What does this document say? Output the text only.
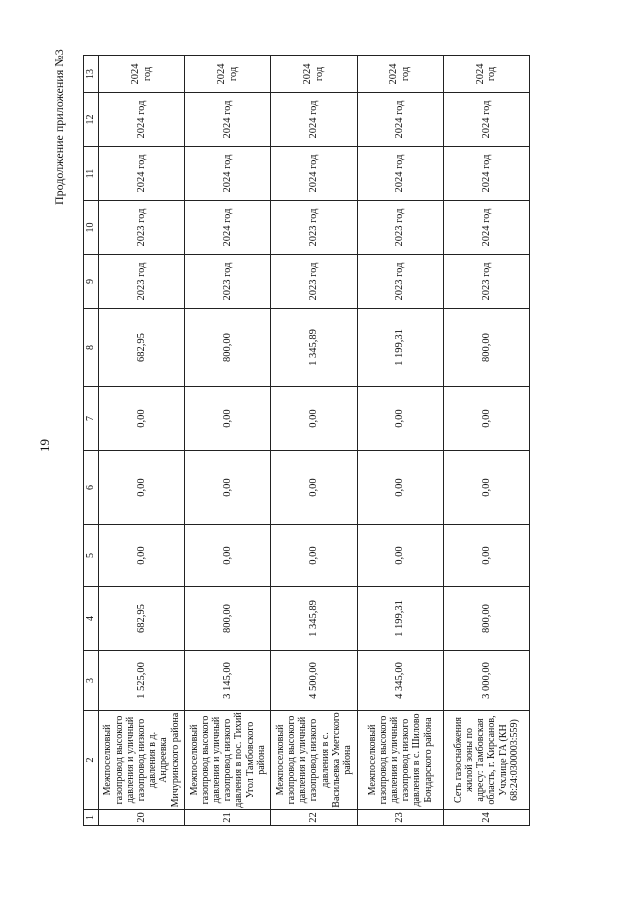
19
Продолжение приложения №3
1	2	3	4	5	6	7	8	9	10	11	12	13
20	Межпоселковый газопровод высокого давления и уличный газопровод низкого давления в д. Андреевка Мичуринского района	1 525,00	682,95	0,00	0,00	0,00	682,95	2023 год	2023 год	2024 год	2024 год	2024 год
21	Межпоселковый газопровод высокого давления и уличный газопровод низкого давления в пос. Тихий Угол Тамбовского района	3 145,00	800,00	0,00	0,00	0,00	800,00	2023 год	2024 год	2024 год	2024 год	2024 год
22	Межпоселковый газопровод высокого давления и уличный газопровод низкого давления в с. Васильевка Уметского района	4 500,00	1 345,89	0,00	0,00	0,00	1 345,89	2023 год	2023 год	2024 год	2024 год	2024 год
23	Межпоселковый газопровод высокого давления и уличный газопровод низкого давления в с. Шилово Бондарского района	4 345,00	1 199,31	0,00	0,00	0,00	1 199,31	2023 год	2023 год	2024 год	2024 год	2024 год
24	Сеть газоснабжения жилой зоны по адресу: Тамбовская область, г. Кирсанов, Учхлице ГА (КН 68:24:0300003:559)	3 000,00	800,00	0,00	0,00	0,00	800,00	2023 год	2024 год	2024 год	2024 год	2024 год
